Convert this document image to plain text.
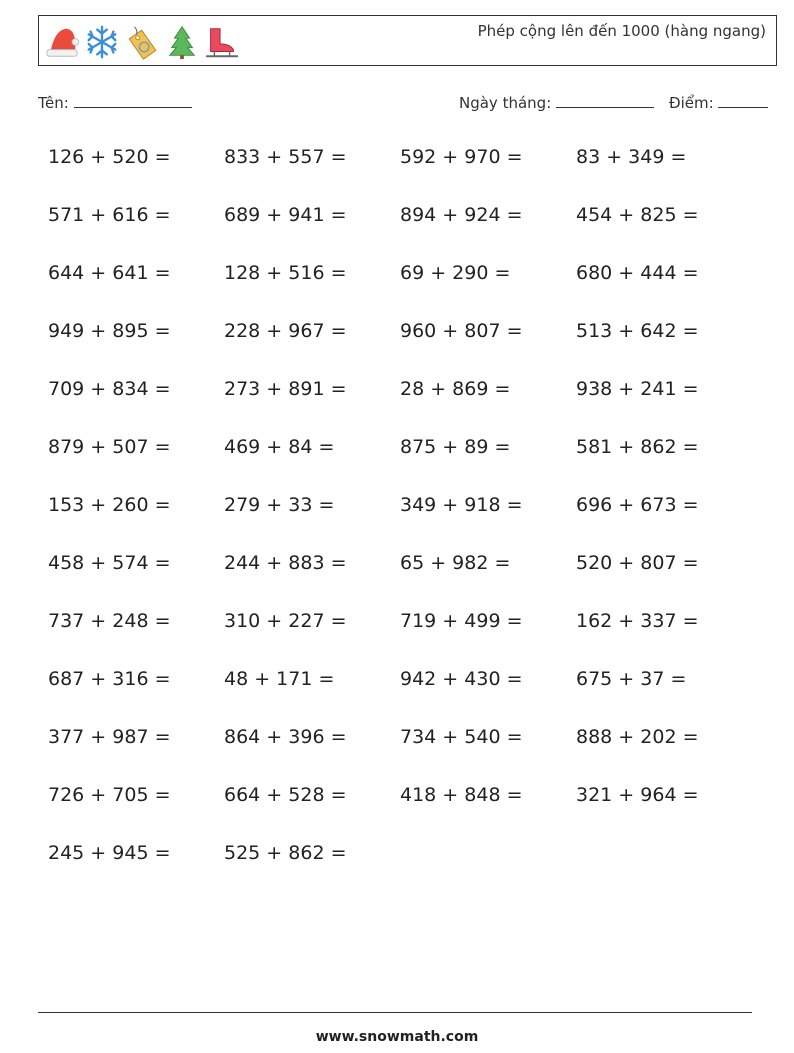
Phép cộng lên đến 1000 (hàng ngang)
Tên:	Ngày tháng:	Điểm:
126 + 520 =	833 + 557 =	592 + 970 =	83 + 349 =
571 + 616 =	689 + 941 =	894 + 924 =	454 + 825 =
644 + 641 =	128 + 516 =	69 + 290 =	680 + 444 =
949 + 895 =	228 + 967 =	960 + 807 =	513 + 642 =
709 + 834 =	273 + 891 =	28 + 869 =	938 + 241 =
879 + 507 =	469 + 84 =	875 + 89 =	581 + 862 =
153 + 260 =	279 + 33 =	349 + 918 =	696 + 673 =
458 + 574 =	244 + 883 =	65 + 982 =	520 + 807 =
737 + 248 =	310 + 227 =	719 + 499 =	162 + 337 =
687 + 316 =	48 + 171 =	942 + 430 =	675 + 37 =
377 + 987 =	864 + 396 =	734 + 540 =	888 + 202 =
726 + 705 =	664 + 528 =	418 + 848 =	321 + 964 =
245 + 945 =	525 + 862 =
www.snowmath.com
